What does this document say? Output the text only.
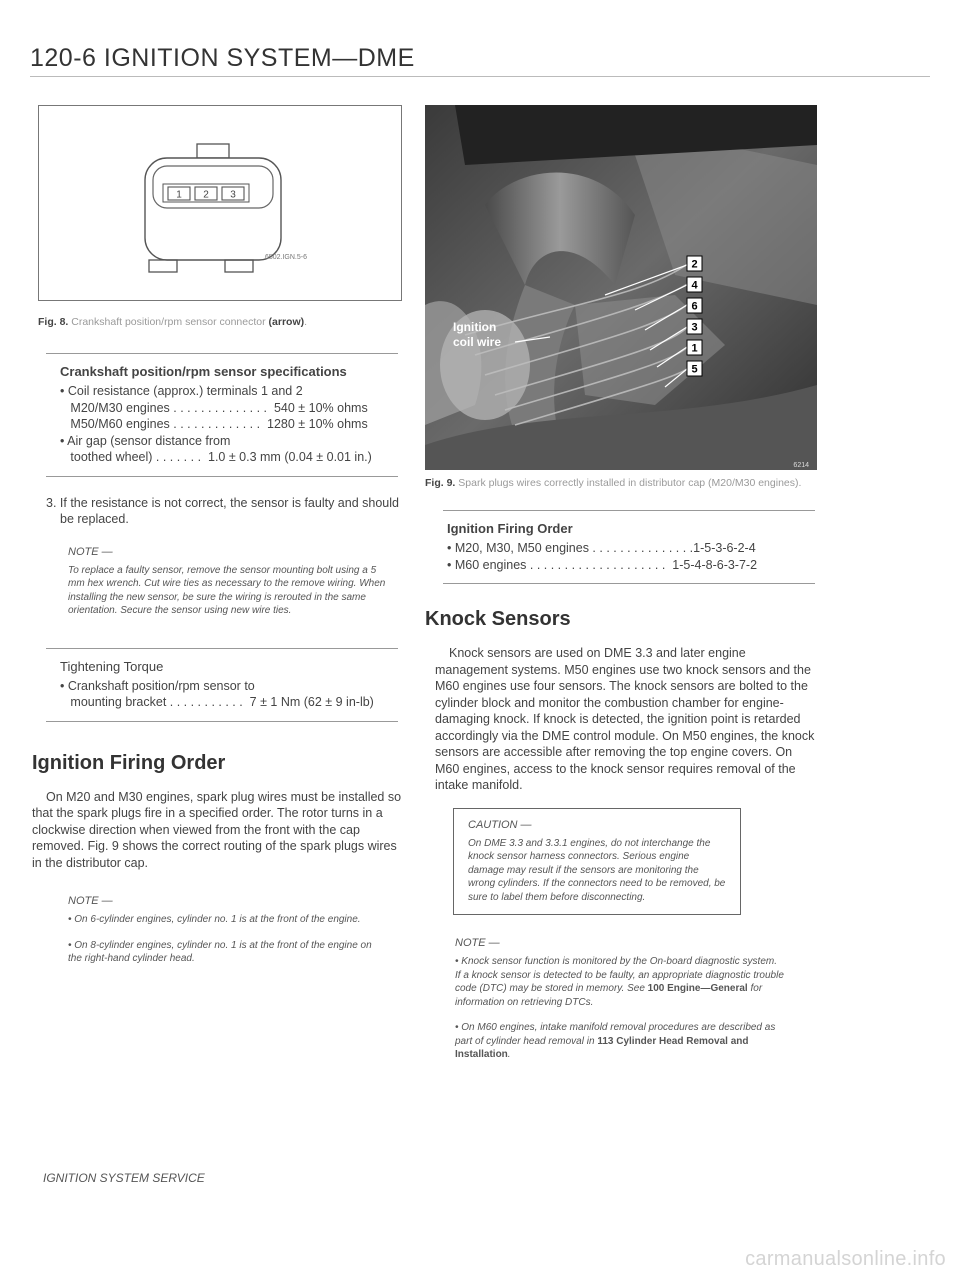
120-6 IGNITION SYSTEM—DME
1 2 3
6502.IGN.5-6
Fig. 8. Crankshaft position/rpm sensor connector (arrow).
Crankshaft position/rpm sensor specifications
• Coil resistance (approx.) terminals 1 and 2
M20/M30 engines . . . . . . . . . . . . . .  540 ± 10% ohms
M50/M60 engines . . . . . . . . . . . . .  1280 ± 10% ohms
• Air gap (sensor distance from
toothed wheel) . . . . . . .  1.0 ± 0.3 mm (0.04 ± 0.01 in.)
3. If the resistance is not correct, the sensor is faulty and should be replaced.
NOTE —
To replace a faulty sensor, remove the sensor mounting bolt using a 5 mm hex wrench. Cut wire ties as necessary to the remove wiring. When installing the new sensor, be sure the wiring is rerouted in the same orientation. Secure the sensor using new wire ties.
Tightening Torque
• Crankshaft position/rpm sensor to
mounting bracket . . . . . . . . . . .  7 ± 1 Nm (62 ± 9 in-lb)
Ignition Firing Order
On M20 and M30 engines, spark plug wires must be installed so that the spark plugs fire in a specified order. The rotor turns in a clockwise direction when viewed from the front with the cap removed. Fig. 9 shows the correct routing of the spark plugs wires in the distributor cap.
NOTE —
• On 6-cylinder engines, cylinder no. 1 is at the front of the engine.
• On 8-cylinder engines, cylinder no. 1 is at the front of the engine on the right-hand cylinder head.
IGNITION SYSTEM SERVICE
2
4
6
3
1
5
Ignition
coil wire
6214
Fig. 9. Spark plugs wires correctly installed in distributor cap (M20/M30 engines).
Ignition Firing Order
• M20, M30, M50 engines . . . . . . . . . . . . . . .1-5-3-6-2-4
• M60 engines . . . . . . . . . . . . . . . . . . . .  1-5-4-8-6-3-7-2
Knock Sensors
Knock sensors are used on DME 3.3 and later engine management systems. M50 engines use two knock sensors and the M60 engines use four sensors. The knock sensors are bolted to the cylinder block and monitor the combustion chamber for engine-damaging knock. If knock is detected, the ignition point is retarded accordingly via the DME control module. On M50 engines, the knock sensors are accessible after removing the top engine covers. On M60 engines, access to the knock sensor requires removal of the intake manifold.
CAUTION —
On DME 3.3 and 3.3.1 engines, do not interchange the knock sensor harness connectors. Serious engine damage may result if the sensors are monitoring the wrong cylinders. If the connectors need to be removed, be sure to label them before disconnecting.
NOTE —
• Knock sensor function is monitored by the On-board diagnostic system. If a knock sensor is detected to be faulty, an appropriate diagnostic trouble code (DTC) may be stored in memory. See 100 Engine—General for information on retrieving DTCs.
• On M60 engines, intake manifold removal procedures are described as part of cylinder head removal in 113 Cylinder Head Removal and Installation.
carmanualsonline.info
